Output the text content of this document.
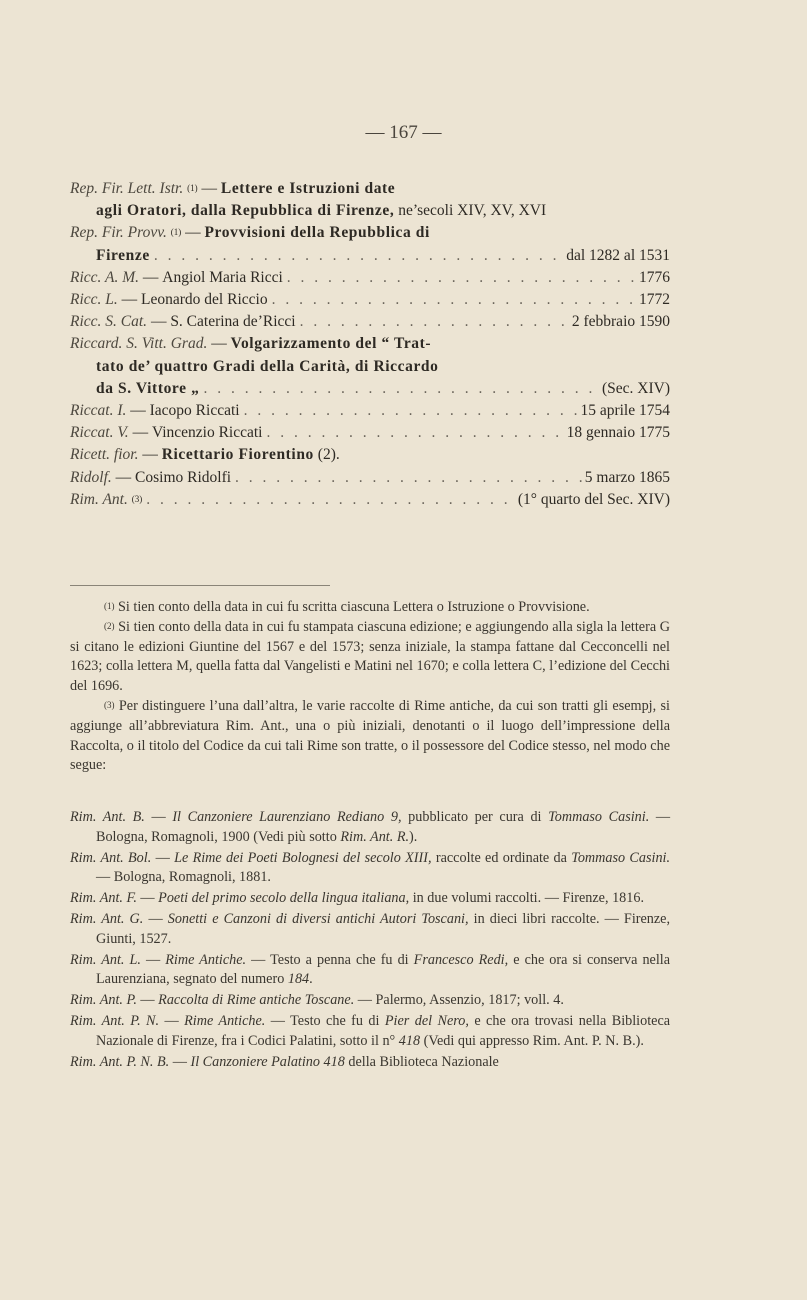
— 167 —
Rep. Fir. Lett. Istr.
(1)
—
Lettere e Istruzioni date
agli Oratori, dalla Repubblica di Firenze,
ne’secoli XIV, XV, XVI
Rep. Fir. Provv.
(1)
—
Provvisioni della Repubblica di
Firenze . . .	dal 1282 al 1531
Ricc. A. M.
—
Angiol Maria Ricci . . .	1776
Ricc. L.
—
Leonardo del Riccio . . .	1772
Ricc. S. Cat.
—
S. Caterina de’Ricci . . .	2 febbraio 1590
Riccard. S. Vitt. Grad.
—
Volgarizzamento del “ Trat-
tato de’ quattro Gradi della Carità, di Riccardo
da S. Vittore „ . . .	(Sec. XIV)
Riccat. I.
—
Iacopo Riccati . . .	15 aprile 1754
Riccat. V.
—
Vincenzio Riccati . . .	18 gennaio 1775
Ricett. fior.
—
Ricettario Fiorentino
(2).
Ridolf.
—
Cosimo Ridolfi . . .	5 marzo 1865
Rim. Ant.
(3) . . .	(1° quarto del Sec. XIV)

$^{(1)}$ Si tien conto della data in cui fu scritta ciascuna Lettera o Istruzione o Provvisione.

$^{(2)}$ Si tien conto della data in cui fu stampata ciascuna edizione; e aggiungendo alla sigla la lettera G si citano le edizioni Giuntine del 1567 e del 1573; senza iniziale, la stampa fattane dal Cecconcelli nel 1623; colla lettera M, quella fatta dal Vangelisti e Matini nel 1670; e colla lettera C, l’edizione del Cecchi del 1696.

$^{(3)}$ Per distinguere l’una dall’altra, le varie raccolte di Rime antiche, da cui son tratti gli esempj, si aggiunge all’abbreviatura Rim. Ant., una o più iniziali, denotanti o il luogo dell’impressione della Raccolta, o il titolo del Codice da cui tali Rime son tratte, o il possessore del Codice stesso, nel modo che segue:

Rim. Ant. B. — Il Canzoniere Laurenziano Rediano 9, pubblicato per cura di Tommaso Casini. — Bologna, Romagnoli, 1900 (Vedi più sotto Rim. Ant. R.).

Rim. Ant. Bol. — Le Rime dei Poeti Bolognesi del secolo XIII, raccolte ed ordinate da Tommaso Casini. — Bologna, Romagnoli, 1881.

Rim. Ant. F. — Poeti del primo secolo della lingua italiana, in due volumi raccolti. — Firenze, 1816.

Rim. Ant. G. — Sonetti e Canzoni di diversi antichi Autori Toscani, in dieci libri raccolte. — Firenze, Giunti, 1527.

Rim. Ant. L. — Rime Antiche. — Testo a penna che fu di Francesco Redi, e che ora si conserva nella Laurenziana, segnato del numero 184.

Rim. Ant. P. — Raccolta di Rime antiche Toscane. — Palermo, Assenzio, 1817; voll. 4.

Rim. Ant. P. N. — Rime Antiche. — Testo che fu di Pier del Nero, e che ora trovasi nella Biblioteca Nazionale di Firenze, fra i Codici Palatini, sotto il n° 418 (Vedi qui appresso Rim. Ant. P. N. B.).

Rim. Ant. P. N. B. — Il Canzoniere Palatino 418 della Biblioteca Nazionale
